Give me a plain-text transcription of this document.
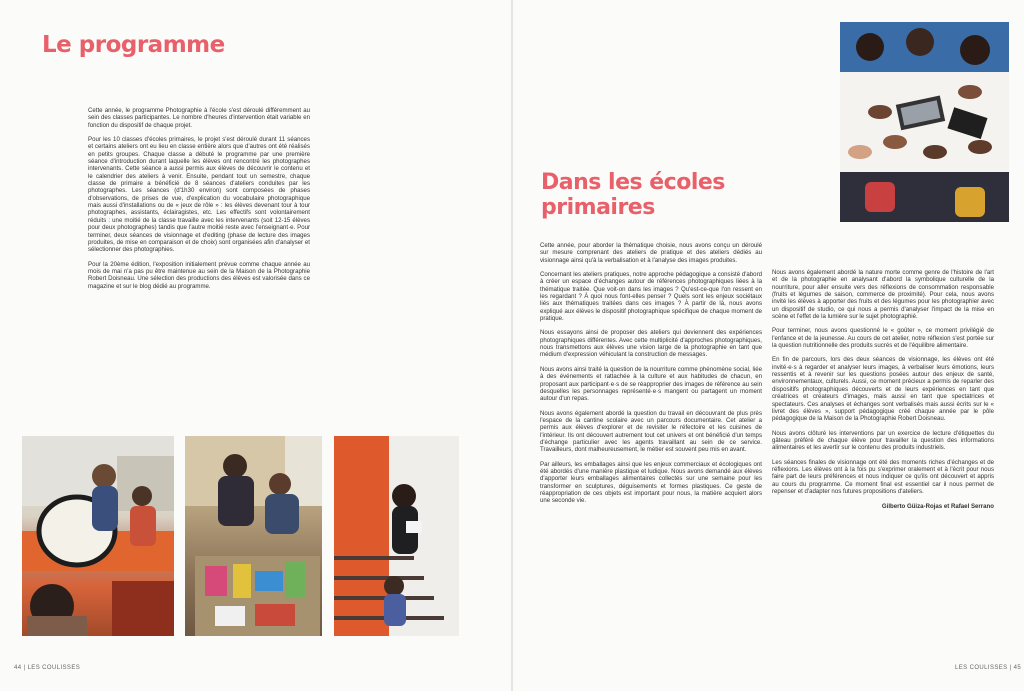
Le programme

Cette année, le programme Photographie à l'école s'est déroulé différemment au sein des classes participantes. Le nombre d'heures d'intervention était variable en fonction du dispositif de chaque projet.

Pour les 10 classes d'écoles primaires, le projet s'est déroulé durant 11 séances et certains ateliers ont eu lieu en classe entière alors que d'autres ont été réalisés en petits groupes. Chaque classe a débuté le programme par une première séance d'introduction durant laquelle les élèves ont rencontré les photographes intervenants. Cette séance a aussi permis aux élèves de découvrir le contenu et le calendrier des ateliers à venir. Ensuite, pendant tout un semestre, chaque classe de primaire a bénéficié de 8 séances d'ateliers conduites par les photographes. Les séances (d'1h30 environ) sont composées de phases d'observations, de prises de vue, d'explication du vocabulaire photographique mais aussi d'installations ou de « jeux de rôle » : les élèves devenant tour à tour photographes, assistants, éclairagistes, etc. Les effectifs sont volontairement réduits : une moitié de la classe travaille avec les intervenants (soit 12-15 élèves pour deux photographes) tandis que l'autre moitié reste avec l'enseignant·e. Pour terminer, deux séances de visionnage et d'editing (phase de lecture des images produites, de mise en comparaison et de choix) sont organisées afin d'analyser et sélectionner des photographies.

Pour la 20ème édition, l'exposition initialement prévue comme chaque année au mois de mai n'a pas pu être maintenue au sein de la Maison de la Photographie Robert Doisneau. Une sélection des productions des élèves est valorisée dans ce magazine et sur le blog dédié au programme.

44 | LES COULISSES
Dans les écoles primaires

Cette année, pour aborder la thématique choisie, nous avons conçu un déroulé sur mesure comprenant des ateliers de pratique et des ateliers dédiés au visionnage ainsi qu'à la verbalisation et à l'analyse des images produites.

Concernant les ateliers pratiques, notre approche pédagogique a consisté d'abord à créer un espace d'échanges autour de références photographiques liées à la thématique traitée. Que voit-on dans les images ? Qu'est-ce-que l'on ressent en les regardant ? À quoi nous font-elles penser ? Quels sont les enjeux sociétaux liés aux thématiques traitées dans ces images ? À partir de là, nous avons expliqué aux élèves le dispositif photographique spécifique de chaque moment de pratique.

Nous essayons ainsi de proposer des ateliers qui deviennent des expériences photographiques différentes. Avec cette multiplicité d'approches photographiques, nous transmettons aux élèves une vision large de la photographie en tant que médium d'expression véhiculant la construction de messages.

Nous avons ainsi traité la question de la nourriture comme phénomène social, liée à des événements et rattachée à la culture et aux habitudes de chacun, en proposant aux participant·e·s de se réapproprier des images de référence au sein desquelles les personnages représenté·e·s mangent ou partagent un moment autour d'un repas.

Nous avons également abordé la question du travail en découvrant de plus près l'espace de la cantine scolaire avec un parcours documentaire. Cet atelier a permis aux élèves d'explorer et de revisiter le réfectoire et les cuisines de l'intérieur. Ils ont découvert autrement tout cet univers et ont bénéficié d'un temps d'échange particulier avec les agents travaillant au sein de ce service. Travailleurs, dont malheureusement, le métier est souvent peu mis en avant.

Par ailleurs, les emballages ainsi que les enjeux commerciaux et écologiques ont été abordés d'une manière plastique et ludique. Nous avons demandé aux élèves d'apporter leurs emballages alimentaires collectés sur une semaine pour les transformer en sculptures, déguisements et formes plastiques. Ce geste de réappropriation de ces objets est important pour nous, la matière acquiert alors une seconde vie.

Nous avons également abordé la nature morte comme genre de l'histoire de l'art et de la photographie en analysant d'abord la symbolique culturelle de la nourriture, pour aller ensuite vers des réflexions de consommation responsable (fruits et légumes de saison, commerce de proximité). Pour cela, nous avons invité les élèves à apporter des fruits et des légumes pour les photographier avec un dispositif de studio, ce qui nous a permis d'analyser l'impact de la mise en scène et l'effet de la lumière sur le sujet photographié.

Pour terminer, nous avons questionné le « goûter », ce moment privilégié de l'enfance et de la jeunesse. Au cours de cet atelier, notre réflexion s'est portée sur la question nutritionnelle des produits sucrés et de l'équilibre alimentaire.

En fin de parcours, lors des deux séances de visionnage, les élèves ont été invité·e·s à regarder et analyser leurs images, à verbaliser leurs émotions, leurs ressentis et à revenir sur les questions posées autour des enjeux de santé, environnementaux, culturels. Aussi, ce moment précieux a permis de reparler des dispositifs photographiques découverts et de leurs expériences en tant que créatrices et créateurs d'images, mais aussi en tant que spectatrices et spectateurs. Ces analyses et échanges sont verbalisés mais aussi écrits sur le « livret des élèves », support pédagogique créé chaque année par le pôle pédagogique de la Maison de la Photographie Robert Doisneau.

Nous avons clôturé les interventions par un exercice de lecture d'étiquettes du gâteau préféré de chaque élève pour travailler la question des informations alimentaires et les avertir sur le contenu des produits industriels.

Les séances finales de visionnage ont été des moments riches d'échanges et de réflexions. Les élèves ont à la fois pu s'exprimer oralement et à l'écrit pour nous faire part de leurs préférences et nous indiquer ce qu'ils ont découvert et appris au cours du programme. Ce moment final est essentiel car il nous permet de repenser et d'adapter nos futures propositions d'ateliers.

Gilberto Güiza-Rojas et Rafael Serrano

LES COULISSES | 45
